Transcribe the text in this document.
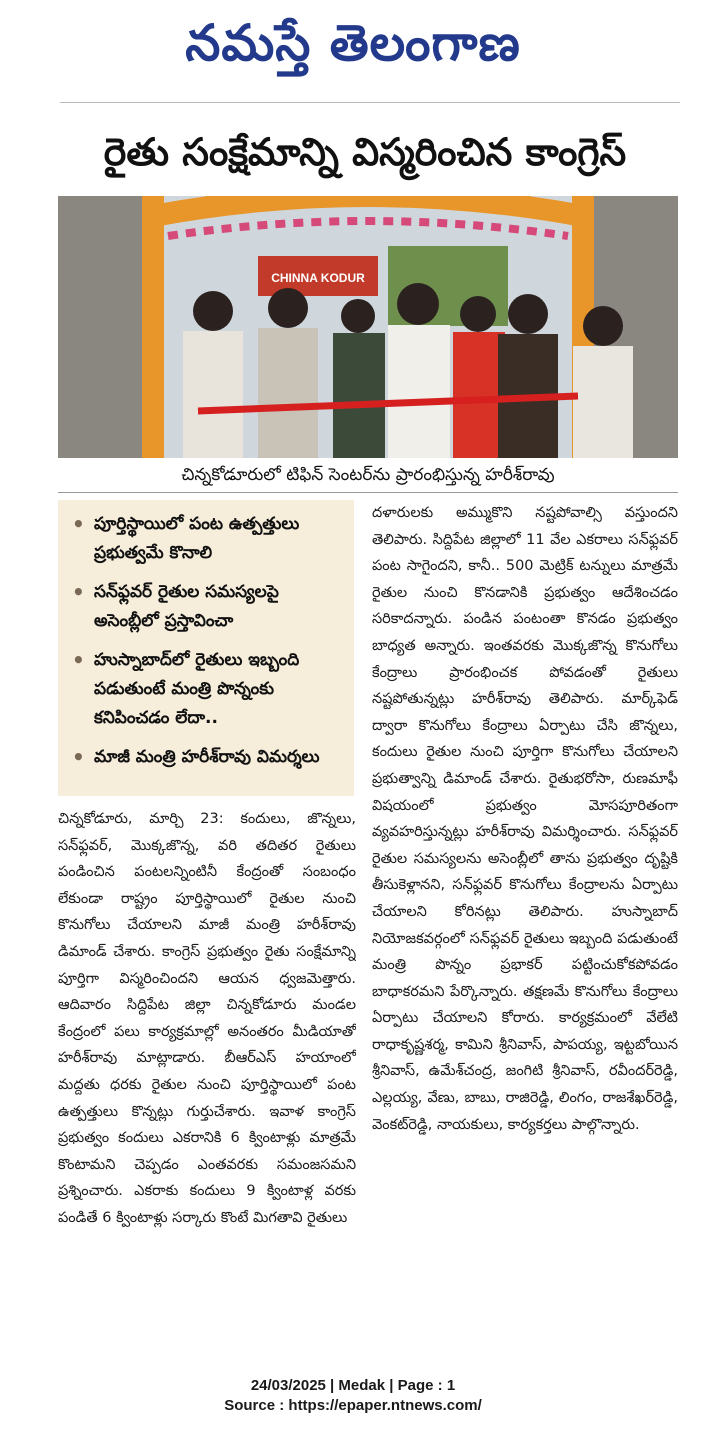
నమస్తే తెలంగాణ
రైతు సంక్షేమాన్ని విస్మరించిన కాంగ్రెస్
CHINNA KODUR
చిన్నకోడూరులో టిఫిన్ సెంటర్‌ను ప్రారంభిస్తున్న హరీశ్‌రావు
• పూర్తిస్థాయిలో పంట ఉత్పత్తులు ప్రభుత్వమే కొనాలి
• సన్‌ఫ్లవర్ రైతుల సమస్యలపై అసెంబ్లీలో ప్రస్తావించా
• హుస్నాబాద్‌లో రైతులు ఇబ్బంది పడుతుంటే మంత్రి పొన్నంకు కనిపించడం లేదా..
• మాజీ మంత్రి హరీశ్‌రావు విమర్శలు

చిన్నకోడూరు, మార్చి 23: కందులు, జొన్నలు, సన్‌ఫ్లవర్, మొక్కజొన్న, వరి తదితర రైతులు పండించిన పంటలన్నింటినీ కేంద్రంతో సంబంధం లేకుండా రాష్ట్రం పూర్తిస్థాయిలో రైతుల నుంచి కొనుగోలు చేయాలని మాజీ మంత్రి హరీశ్‌రావు డిమాండ్ చేశారు. కాంగ్రెస్ ప్రభుత్వం రైతు సంక్షేమాన్ని పూర్తిగా విస్మరించిందని ఆయన ధ్వజమెత్తారు. ఆదివారం సిద్దిపేట జిల్లా చిన్నకోడూరు మండల కేంద్రంలో పలు కార్యక్రమాల్లో అనంతరం మీడియాతో హరీశ్‌రావు మాట్లాడారు. బీఆర్‌ఎస్ హయాంలో మద్దతు ధరకు రైతుల నుంచి పూర్తిస్థాయిలో పంట ఉత్పత్తులు కొన్నట్లు గుర్తుచేశారు. ఇవాళ కాంగ్రెస్ ప్రభుత్వం కందులు ఎకరానికి 6 క్వింటాళ్లు మాత్రమే కొంటామని చెప్పడం ఎంతవరకు సమంజసమని ప్రశ్నించారు. ఎకరాకు కందులు 9 క్వింటాళ్ల వరకు పండితే 6 క్వింటాళ్లు సర్కారు కొంటే మిగతావి రైతులు

దళారులకు అమ్ముకొని నష్టపోవాల్సి వస్తుందని తెలిపారు. సిద్దిపేట జిల్లాలో 11 వేల ఎకరాలు సన్‌ఫ్లవర్ పంట సాగైందని, కానీ.. 500 మెట్రిక్ టన్నులు మాత్రమే రైతుల నుంచి కొనడానికి ప్రభుత్వం ఆదేశించడం సరికాదన్నారు. పండిన పంటంతా కొనడం ప్రభుత్వం బాధ్యత అన్నారు. ఇంతవరకు మొక్కజొన్న కొనుగోలు కేంద్రాలు ప్రారంభించక పోవడంతో రైతులు నష్టపోతున్నట్లు హరీశ్‌రావు తెలిపారు. మార్క్‌ఫెడ్ ద్వారా కొనుగోలు కేంద్రాలు ఏర్పాటు చేసి జొన్నలు, కందులు రైతుల నుంచి పూర్తిగా కొనుగోలు చేయాలని ప్రభుత్వాన్ని డిమాండ్ చేశారు. రైతుభరోసా, రుణమాఫీ విషయంలో ప్రభుత్వం మోసపూరితంగా వ్యవహరిస్తున్నట్లు హరీశ్‌రావు విమర్శించారు. సన్‌ఫ్లవర్ రైతుల సమస్యలను అసెంబ్లీలో తాను ప్రభుత్వం దృష్టికి తీసుకెళ్లానని, సన్‌ఫ్లవర్ కొనుగోలు కేంద్రాలను ఏర్పాటు చేయాలని కోరినట్లు తెలిపారు. హుస్నాబాద్ నియోజకవర్గంలో సన్‌ఫ్లవర్ రైతులు ఇబ్బంది పడుతుంటే మంత్రి పొన్నం ప్రభాకర్ పట్టించుకోకపోవడం బాధాకరమని పేర్కొన్నారు. తక్షణమే కొనుగోలు కేంద్రాలు ఏర్పాటు చేయాలని కోరారు. కార్యక్రమంలో వేలేటి రాధాకృష్ణశర్మ, కామిని శ్రీనివాస్, పాపయ్య, ఇట్టబోయిన శ్రీనివాస్, ఉమేశ్‌చంద్ర, జంగిటి శ్రీనివాస్, రవీందర్‌రెడ్డి, ఎల్లయ్య, వేణు, బాబు, రాజిరెడ్డి, లింగం, రాజశేఖర్‌రెడ్డి, వెంకట్‌రెడ్డి, నాయకులు, కార్యకర్తలు పాల్గొన్నారు.

24/03/2025 | Medak | Page : 1
Source : https://epaper.ntnews.com/
